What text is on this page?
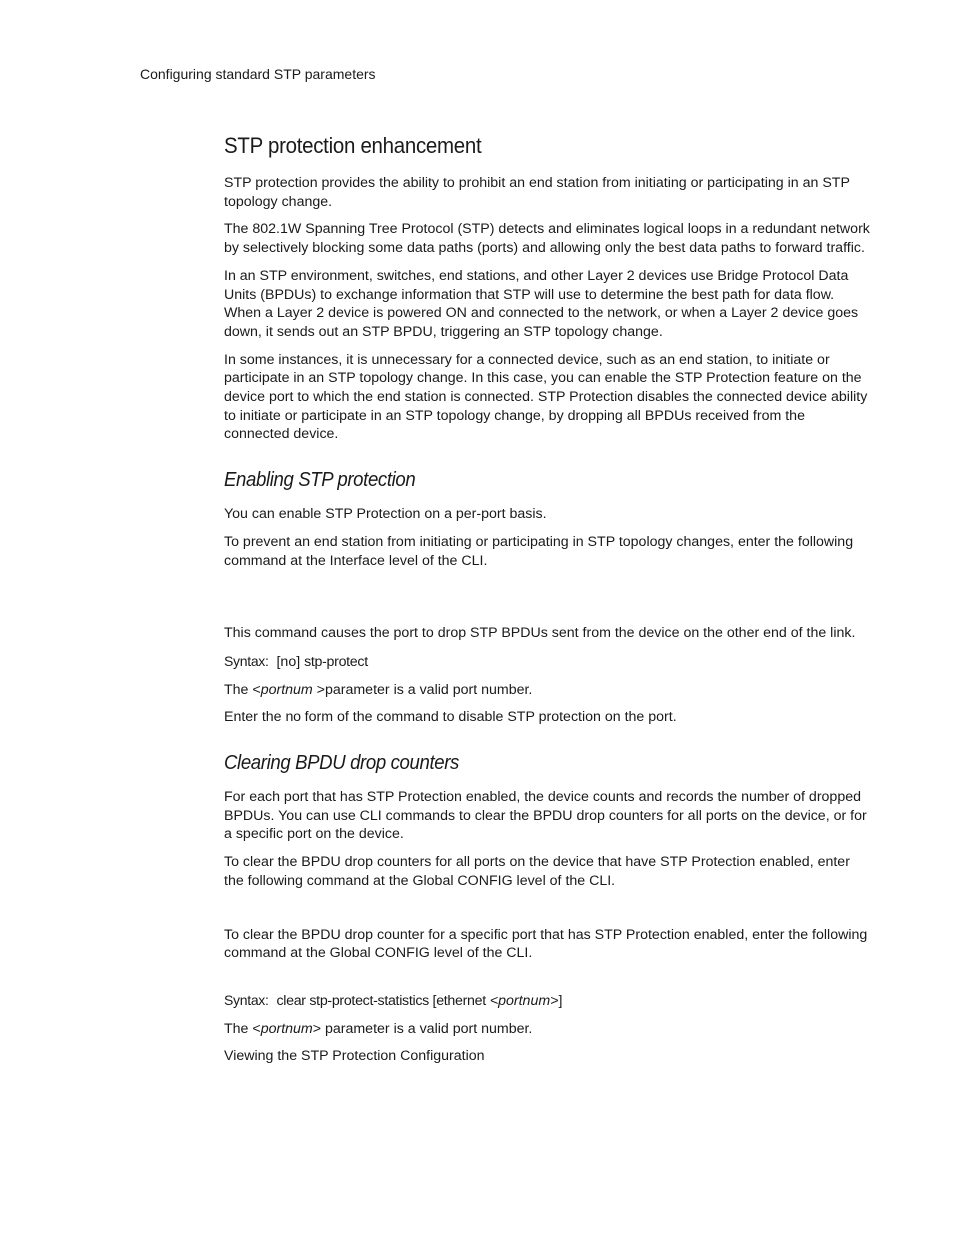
Configuring standard STP parameters
STP protection enhancement

STP protection provides the ability to prohibit an end station from initiating or participating in an STP topology change.

The 802.1W Spanning Tree Protocol (STP) detects and eliminates logical loops in a redundant network by selectively blocking some data paths (ports) and allowing only the best data paths to forward traffic.

In an STP environment, switches, end stations, and other Layer 2 devices use Bridge Protocol Data Units (BPDUs) to exchange information that STP will use to determine the best path for data flow. When a Layer 2 device is powered ON and connected to the network, or when a Layer 2 device goes down, it sends out an STP BPDU, triggering an STP topology change.

In some instances, it is unnecessary for a connected device, such as an end station, to initiate or participate in an STP topology change. In this case, you can enable the STP Protection feature on the device port to which the end station is connected. STP Protection disables the connected device ability to initiate or participate in an STP topology change, by dropping all BPDUs received from the connected device.

Enabling STP protection

You can enable STP Protection on a per-port basis.

To prevent an end station from initiating or participating in STP topology changes, enter the following command at the Interface level of the CLI.

This command causes the port to drop STP BPDUs sent from the device on the other end of the link.

Syntax: [no] stp-protect

The <portnum >parameter is a valid port number.

Enter the no form of the command to disable STP protection on the port.

Clearing BPDU drop counters

For each port that has STP Protection enabled, the device counts and records the number of dropped BPDUs. You can use CLI commands to clear the BPDU drop counters for all ports on the device, or for a specific port on the device.

To clear the BPDU drop counters for all ports on the device that have STP Protection enabled, enter the following command at the Global CONFIG level of the CLI.

To clear the BPDU drop counter for a specific port that has STP Protection enabled, enter the following command at the Global CONFIG level of the CLI.

Syntax: clear stp-protect-statistics [ethernet <portnum>]

The <portnum> parameter is a valid port number.

Viewing the STP Protection Configuration
